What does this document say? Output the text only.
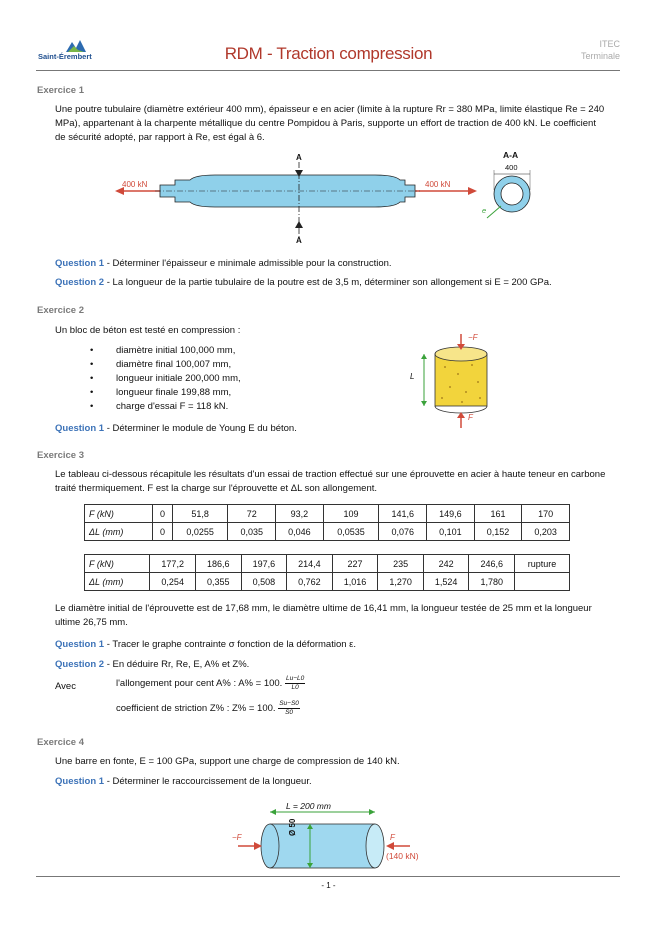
Saint-Érembert	RDM - Traction compression	ITEC
Terminale
Exercice 1
Une poutre tubulaire (diamètre extérieur 400 mm), épaisseur e en acier (limite à la rupture Rr = 380 MPa, limite élastique Re = 240 MPa), appartenant à la charpente métallique du centre Pompidou à Paris, supporte un effort de traction de 400 kN. Le coefficient de sécurité adopté, par rapport à Re, est égal à 6.
400 kN	400 kN
A
A
A-A
400
e
Question 1 - Déterminer l'épaisseur e minimale admissible pour la construction.
Question 2 - La longueur de la partie tubulaire de la poutre est de 3,5 m, déterminer son allongement si E = 200 GPa.
Exercice 2
Un bloc de béton est testé en compression :
• diamètre initial 100,000 mm,
• diamètre final 100,007 mm,
• longueur initiale 200,000 mm,
• longueur finale 199,88 mm,
• charge d'essai F = 118 kN.
−F
F
L
Question 1 - Déterminer le module de Young E du béton.
Exercice 3
Le tableau ci-dessous récapitule les résultats d'un essai de traction effectué sur une éprouvette en acier à haute teneur en carbone traité thermiquement. F est la charge sur l'éprouvette et ΔL son allongement.
F (kN)	0	51,8	72	93,2	109	141,6	149,6	161	170
ΔL (mm)	0	0,0255	0,035	0,046	0,0535	0,076	0,101	0,152	0,203
F (kN)	177,2	186,6	197,6	214,4	227	235	242	246,6	rupture
ΔL (mm)	0,254	0,355	0,508	0,762	1,016	1,270	1,524	1,780	
Le diamètre initial de l'éprouvette est de 17,68 mm, le diamètre ultime de 16,41 mm, la longueur testée de 25 mm et la longueur ultime 26,75 mm.
Question 1 - Tracer le graphe contrainte σ fonction de la déformation ε.
Question 2 - En déduire Rr, Re, E, A% et Z%.
Avec	l'allongement pour cent A% : A% = 100. $\frac{Lu-L0}{L0}$
coefficient de striction Z% : Z% = 100. $\frac{Su-S0}{S0}$
Exercice 4
Une barre en fonte, E = 100 GPa, support une charge de compression de 140 kN.
Question 1 - Déterminer le raccourcissement de la longueur.
L = 200 mm
Ø 50
−F	F
(140 kN)
- 1 -
